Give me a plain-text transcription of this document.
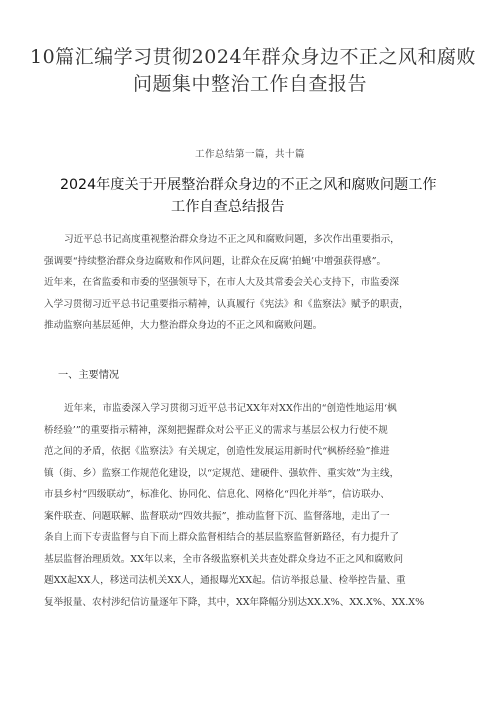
10篇汇编学习贯彻2024年群众身边不正之风和腐败
问题集中整治工作自查报告
工作总结第一篇，共十篇
2024年度关于开展整治群众身边的不正之风和腐败问题工作
工作自查总结报告
习近平总书记高度重视整治群众身边不正之风和腐败问题，多次作出重要指示，
强调要“持续整治群众身边腐败和作风问题，让群众在反腐‘拍蝇’中增强获得感”。
近年来，在省监委和市委的坚强领导下，在市人大及其常委会关心支持下，市监委深
入学习贯彻习近平总书记重要指示精神，认真履行《宪法》和《监察法》赋予的职责，
推动监察向基层延伸，大力整治群众身边的不正之风和腐败问题。
一、主要情况
近年来，市监委深入学习贯彻习近平总书记XX年对XX作出的“创造性地运用‘枫
桥经验’”的重要指示精神，深刻把握群众对公平正义的需求与基层公权力行使不规
范之间的矛盾，依据《监察法》有关规定，创造性发展运用新时代“枫桥经验”推进
镇（街、乡）监察工作规范化建设，以“定规范、建硬件、强软件、重实效”为主线，
市县乡村“四级联动”，标准化、协同化、信息化、网格化“四化并举”，信访联办、
案件联查、问题联解、监督联动“四效共振”，推动监督下沉、监督落地，走出了一
条自上而下专责监督与自下而上群众监督相结合的基层监察监督新路径，有力提升了
基层监督治理质效。XX年以来，全市各级监察机关共查处群众身边不正之风和腐败问
题XX起XX人，移送司法机关XX人，通报曝光XX起。信访举报总量、检举控告量、重
复举报量、农村涉纪信访量逐年下降，其中，XX年降幅分别达XX.X%、XX.X%、XX.X%
